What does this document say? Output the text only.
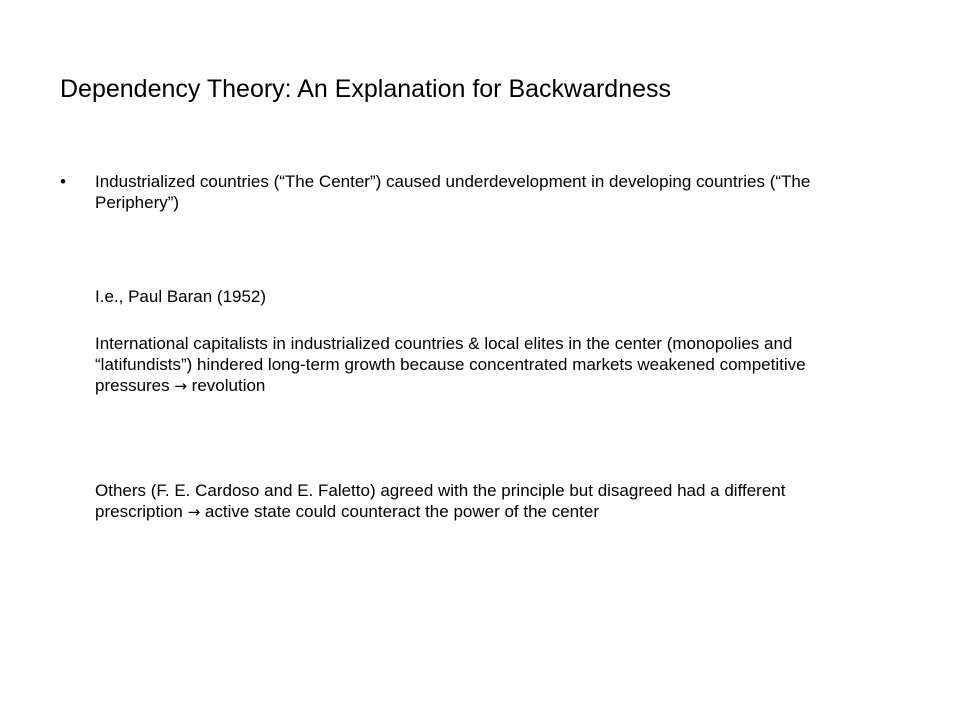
Dependency Theory: An Explanation for Backwardness
•	Industrialized countries (“The Center”) caused underdevelopment in developing countries (“The Periphery”)
I.e., Paul Baran (1952)
International capitalists in industrialized countries & local elites in the center (monopolies and “latifundists”) hindered long-term growth because concentrated markets weakened competitive pressures → revolution
Others (F. E. Cardoso and E. Faletto) agreed with the principle but disagreed had a different prescription → active state could counteract the power of the center
